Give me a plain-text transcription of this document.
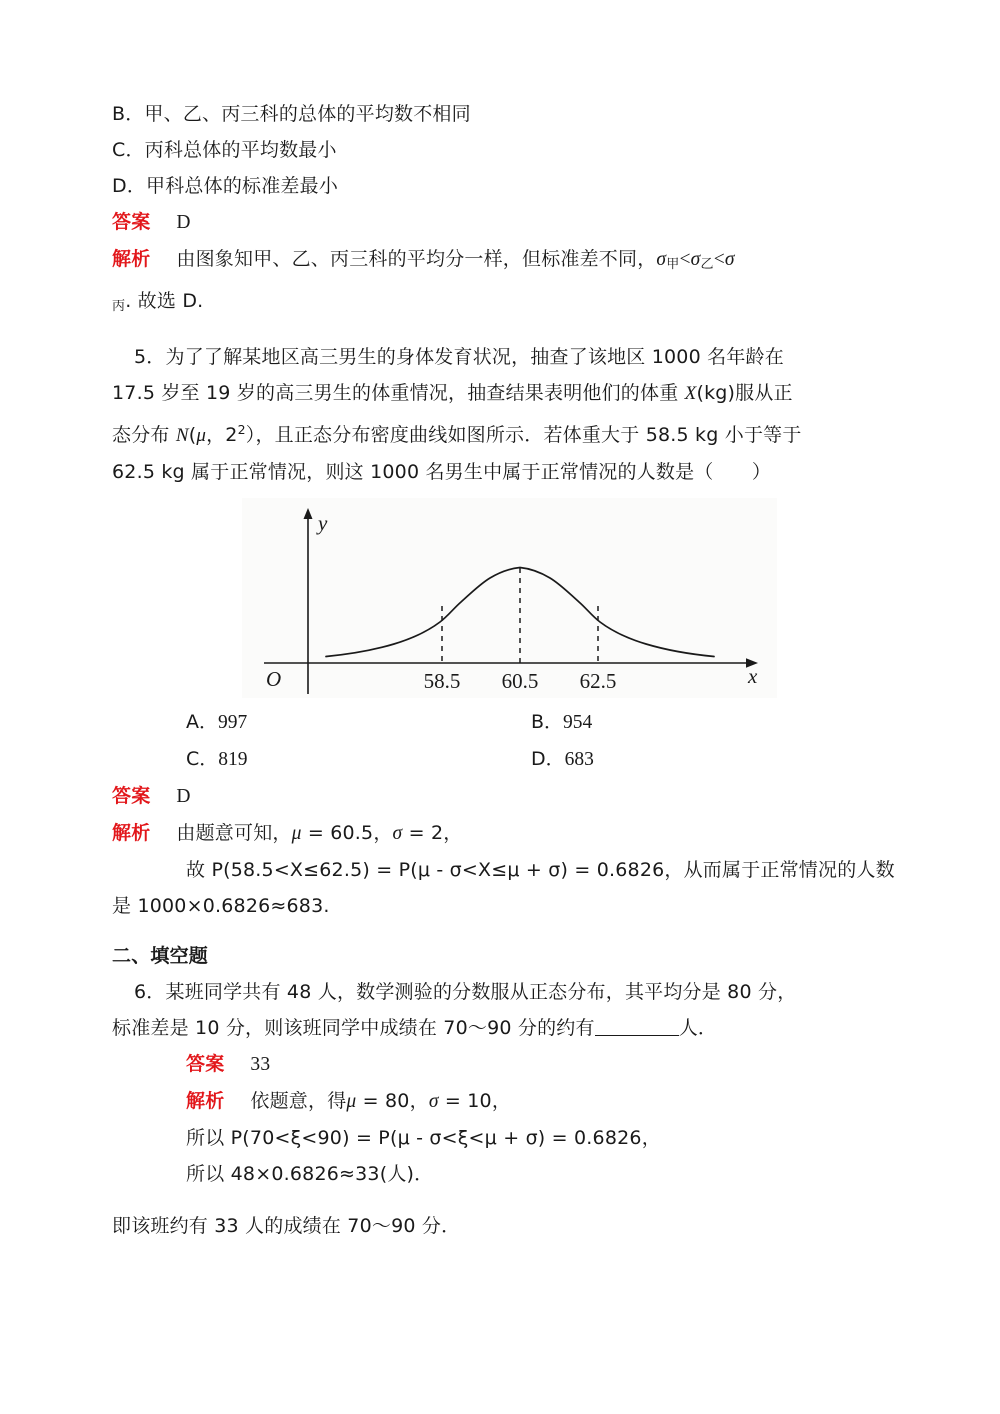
B．甲、乙、丙三科的总体的平均数不相同
C．丙科总体的平均数最小
D．甲科总体的标准差最小
答案 D
解析 由图象知甲、乙、丙三科的平均分一样，但标准差不同，$\sigma_甲<\sigma_乙<\sigma$
$_丙$. 故选 D.
5．为了了解某地区高三男生的身体发育状况，抽查了该地区 1000 名年龄在
17.5 岁至 19 岁的高三男生的体重情况，抽查结果表明他们的体重 X(kg)服从正
态分布 N(μ，$2^2$），且正态分布密度曲线如图所示．若体重大于 58.5 kg 小于等于
62.5 kg 属于正常情况，则这 1000 名男生中属于正常情况的人数是（　　）
y
x
O	58.5 60.5 62.5
A．997	B．954
C．819	D．683
答案 D
解析 由题意可知，μ = 60.5，σ = 2，
故 P(58.5<X≤62.5) = P(μ - σ<X≤μ + σ) = 0.6826，从而属于正常情况的人数
是 1000×0.6826≈683.
二、填空题
6．某班同学共有 48 人，数学测验的分数服从正态分布，其平均分是 80 分，
标准差是 10 分，则该班同学中成绩在 70～90 分的约有	人．
答案 33
解析 依题意，得μ = 80，σ = 10，
所以 P(70<ξ<90) = P(μ - σ<ξ<μ + σ) = 0.6826，
所以 48×0.6826≈33(人)．
即该班约有 33 人的成绩在 70～90 分．
